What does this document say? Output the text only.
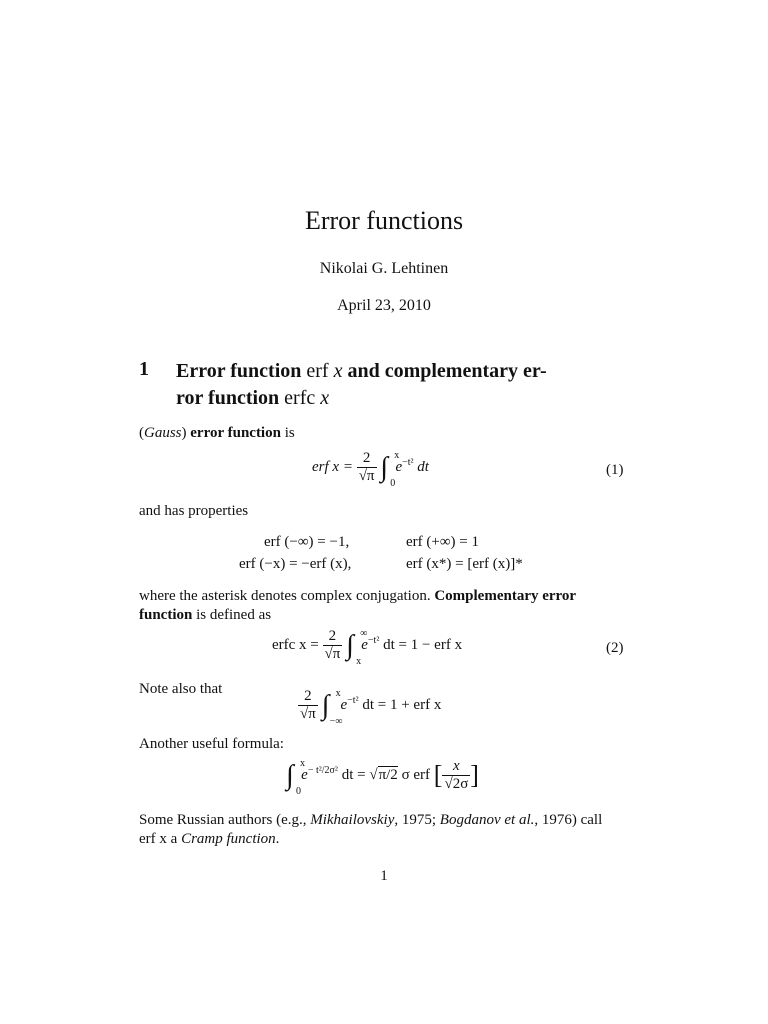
Error functions
Nikolai G. Lehtinen
April 23, 2010
1 Error function erf x and complementary er-
ror function erfc x
(Gauss) error function is
erf $x = \frac{2}{√\pi}$ ∫ x
0
$e^{-t^2}$ dt	(1)
and has properties
erf (−∞) = −1,	erf (+∞) = 1
erf (−x) = −erf (x),	erf (x*) = [erf (x)]*
where the asterisk denotes complex conjugation. Complementary error
function is defined as
erfc $x = \frac{2}{√\pi}$ ∫ ∞
x
$e^{-t^2}$ dt = 1 − erf x	(2)
Note also that	$\frac{2}{√\pi}$ ∫ x
−∞
$e^{-t^2}$ dt = 1 + erf x
Another useful formula:
∫ x
0
$e^{- t^2/2\sigma^2}$ dt = √π/2 σ erf [ $\frac{x}{√2\sigma}$ ]
Some Russian authors (e.g., Mikhailovskiy, 1975; Bogdanov et al., 1976) call
erf x a Cramp function.
1
